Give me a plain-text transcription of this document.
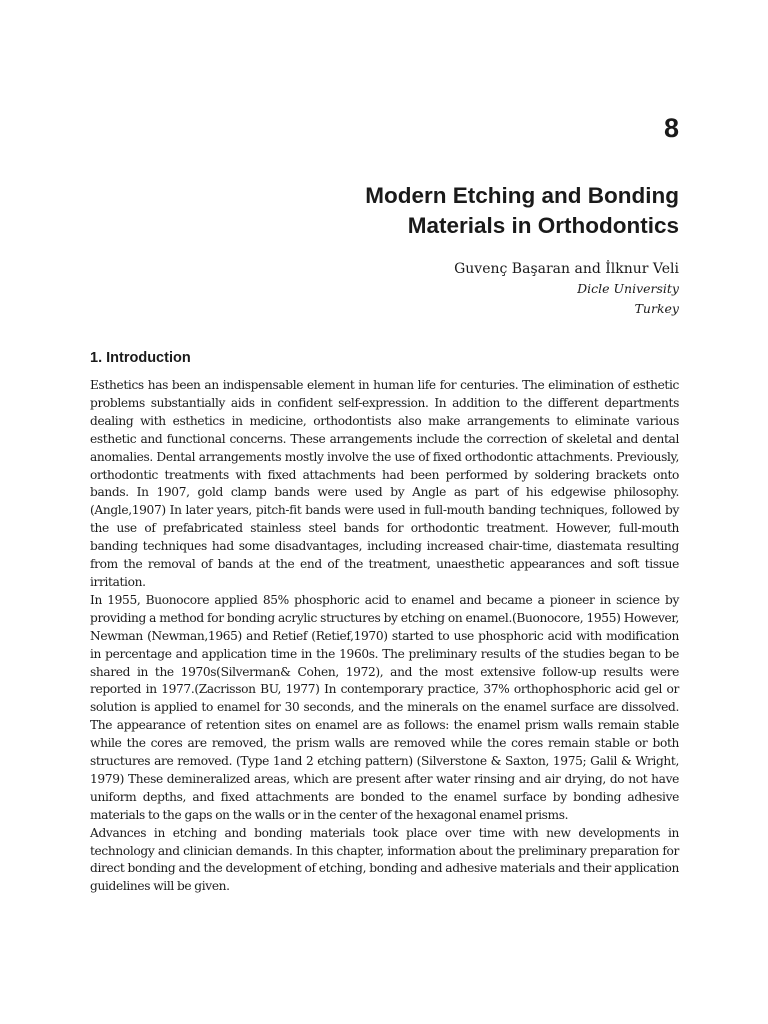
8
Modern Etching and Bonding
Materials in Orthodontics

Guvenç Başaran and İlknur Veli

Dicle University
Turkey

1. Introduction

Esthetics has been an indispensable element in human life for centuries. The elimination of esthetic problems substantially aids in confident self-expression. In addition to the different departments dealing with esthetics in medicine, orthodontists also make arrangements to eliminate various esthetic and functional concerns. These arrangements include the correction of skeletal and dental anomalies. Dental arrangements mostly involve the use of fixed orthodontic attachments. Previously, orthodontic treatments with fixed attachments had been performed by soldering brackets onto bands. In 1907, gold clamp bands were used by Angle as part of his edgewise philosophy. (Angle,1907) In later years, pitch-fit bands were used in full-mouth banding techniques, followed by the use of prefabricated stainless steel bands for orthodontic treatment. However, full-mouth banding techniques had some disadvantages, including increased chair-time, diastemata resulting from the removal of bands at the end of the treatment, unaesthetic appearances and soft tissue irritation.

In 1955, Buonocore applied 85% phosphoric acid to enamel and became a pioneer in science by providing a method for bonding acrylic structures by etching on enamel.(Buonocore, 1955) However, Newman (Newman,1965) and Retief (Retief,1970) started to use phosphoric acid with modification in percentage and application time in the 1960s. The preliminary results of the studies began to be shared in the 1970s(Silverman& Cohen, 1972), and the most extensive follow-up results were reported in 1977.(Zacrisson BU, 1977) In contemporary practice, 37% orthophosphoric acid gel or solution is applied to enamel for 30 seconds, and the minerals on the enamel surface are dissolved. The appearance of retention sites on enamel are as follows: the enamel prism walls remain stable while the cores are removed, the prism walls are removed while the cores remain stable or both structures are removed. (Type 1and 2 etching pattern) (Silverstone & Saxton, 1975; Galil & Wright, 1979) These demineralized areas, which are present after water rinsing and air drying, do not have uniform depths, and fixed attachments are bonded to the enamel surface by bonding adhesive materials to the gaps on the walls or in the center of the hexagonal enamel prisms.

Advances in etching and bonding materials took place over time with new developments in technology and clinician demands. In this chapter, information about the preliminary preparation for direct bonding and the development of etching, bonding and adhesive materials and their application guidelines will be given.
